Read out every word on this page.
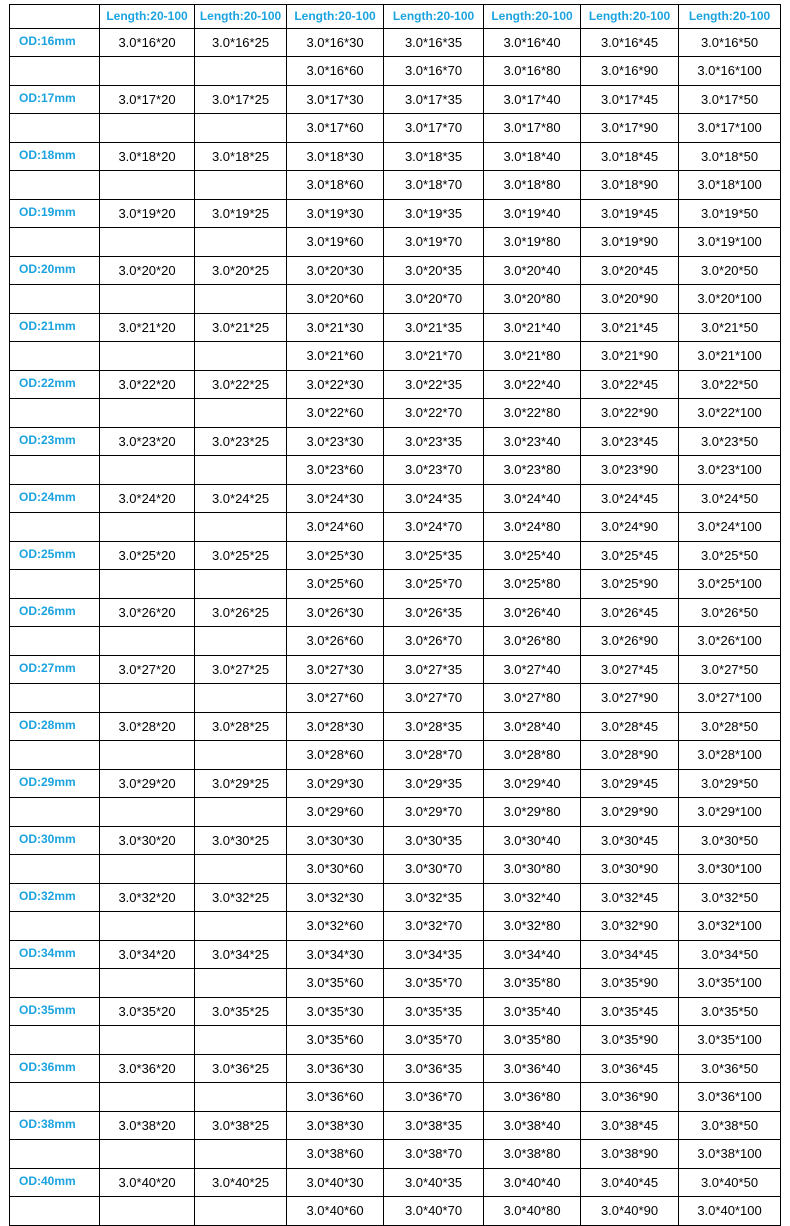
	Length:20-100	Length:20-100	Length:20-100	Length:20-100	Length:20-100	Length:20-100	Length:20-100
OD:16mm	3.0*16*20	3.0*16*25	3.0*16*30	3.0*16*35	3.0*16*40	3.0*16*45	3.0*16*50
			3.0*16*60	3.0*16*70	3.0*16*80	3.0*16*90	3.0*16*100
OD:17mm	3.0*17*20	3.0*17*25	3.0*17*30	3.0*17*35	3.0*17*40	3.0*17*45	3.0*17*50
			3.0*17*60	3.0*17*70	3.0*17*80	3.0*17*90	3.0*17*100
OD:18mm	3.0*18*20	3.0*18*25	3.0*18*30	3.0*18*35	3.0*18*40	3.0*18*45	3.0*18*50
			3.0*18*60	3.0*18*70	3.0*18*80	3.0*18*90	3.0*18*100
OD:19mm	3.0*19*20	3.0*19*25	3.0*19*30	3.0*19*35	3.0*19*40	3.0*19*45	3.0*19*50
			3.0*19*60	3.0*19*70	3.0*19*80	3.0*19*90	3.0*19*100
OD:20mm	3.0*20*20	3.0*20*25	3.0*20*30	3.0*20*35	3.0*20*40	3.0*20*45	3.0*20*50
			3.0*20*60	3.0*20*70	3.0*20*80	3.0*20*90	3.0*20*100
OD:21mm	3.0*21*20	3.0*21*25	3.0*21*30	3.0*21*35	3.0*21*40	3.0*21*45	3.0*21*50
			3.0*21*60	3.0*21*70	3.0*21*80	3.0*21*90	3.0*21*100
OD:22mm	3.0*22*20	3.0*22*25	3.0*22*30	3.0*22*35	3.0*22*40	3.0*22*45	3.0*22*50
			3.0*22*60	3.0*22*70	3.0*22*80	3.0*22*90	3.0*22*100
OD:23mm	3.0*23*20	3.0*23*25	3.0*23*30	3.0*23*35	3.0*23*40	3.0*23*45	3.0*23*50
			3.0*23*60	3.0*23*70	3.0*23*80	3.0*23*90	3.0*23*100
OD:24mm	3.0*24*20	3.0*24*25	3.0*24*30	3.0*24*35	3.0*24*40	3.0*24*45	3.0*24*50
			3.0*24*60	3.0*24*70	3.0*24*80	3.0*24*90	3.0*24*100
OD:25mm	3.0*25*20	3.0*25*25	3.0*25*30	3.0*25*35	3.0*25*40	3.0*25*45	3.0*25*50
			3.0*25*60	3.0*25*70	3.0*25*80	3.0*25*90	3.0*25*100
OD:26mm	3.0*26*20	3.0*26*25	3.0*26*30	3.0*26*35	3.0*26*40	3.0*26*45	3.0*26*50
			3.0*26*60	3.0*26*70	3.0*26*80	3.0*26*90	3.0*26*100
OD:27mm	3.0*27*20	3.0*27*25	3.0*27*30	3.0*27*35	3.0*27*40	3.0*27*45	3.0*27*50
			3.0*27*60	3.0*27*70	3.0*27*80	3.0*27*90	3.0*27*100
OD:28mm	3.0*28*20	3.0*28*25	3.0*28*30	3.0*28*35	3.0*28*40	3.0*28*45	3.0*28*50
			3.0*28*60	3.0*28*70	3.0*28*80	3.0*28*90	3.0*28*100
OD:29mm	3.0*29*20	3.0*29*25	3.0*29*30	3.0*29*35	3.0*29*40	3.0*29*45	3.0*29*50
			3.0*29*60	3.0*29*70	3.0*29*80	3.0*29*90	3.0*29*100
OD:30mm	3.0*30*20	3.0*30*25	3.0*30*30	3.0*30*35	3.0*30*40	3.0*30*45	3.0*30*50
			3.0*30*60	3.0*30*70	3.0*30*80	3.0*30*90	3.0*30*100
OD:32mm	3.0*32*20	3.0*32*25	3.0*32*30	3.0*32*35	3.0*32*40	3.0*32*45	3.0*32*50
			3.0*32*60	3.0*32*70	3.0*32*80	3.0*32*90	3.0*32*100
OD:34mm	3.0*34*20	3.0*34*25	3.0*34*30	3.0*34*35	3.0*34*40	3.0*34*45	3.0*34*50
			3.0*35*60	3.0*35*70	3.0*35*80	3.0*35*90	3.0*35*100
OD:35mm	3.0*35*20	3.0*35*25	3.0*35*30	3.0*35*35	3.0*35*40	3.0*35*45	3.0*35*50
			3.0*35*60	3.0*35*70	3.0*35*80	3.0*35*90	3.0*35*100
OD:36mm	3.0*36*20	3.0*36*25	3.0*36*30	3.0*36*35	3.0*36*40	3.0*36*45	3.0*36*50
			3.0*36*60	3.0*36*70	3.0*36*80	3.0*36*90	3.0*36*100
OD:38mm	3.0*38*20	3.0*38*25	3.0*38*30	3.0*38*35	3.0*38*40	3.0*38*45	3.0*38*50
			3.0*38*60	3.0*38*70	3.0*38*80	3.0*38*90	3.0*38*100
OD:40mm	3.0*40*20	3.0*40*25	3.0*40*30	3.0*40*35	3.0*40*40	3.0*40*45	3.0*40*50
			3.0*40*60	3.0*40*70	3.0*40*80	3.0*40*90	3.0*40*100
